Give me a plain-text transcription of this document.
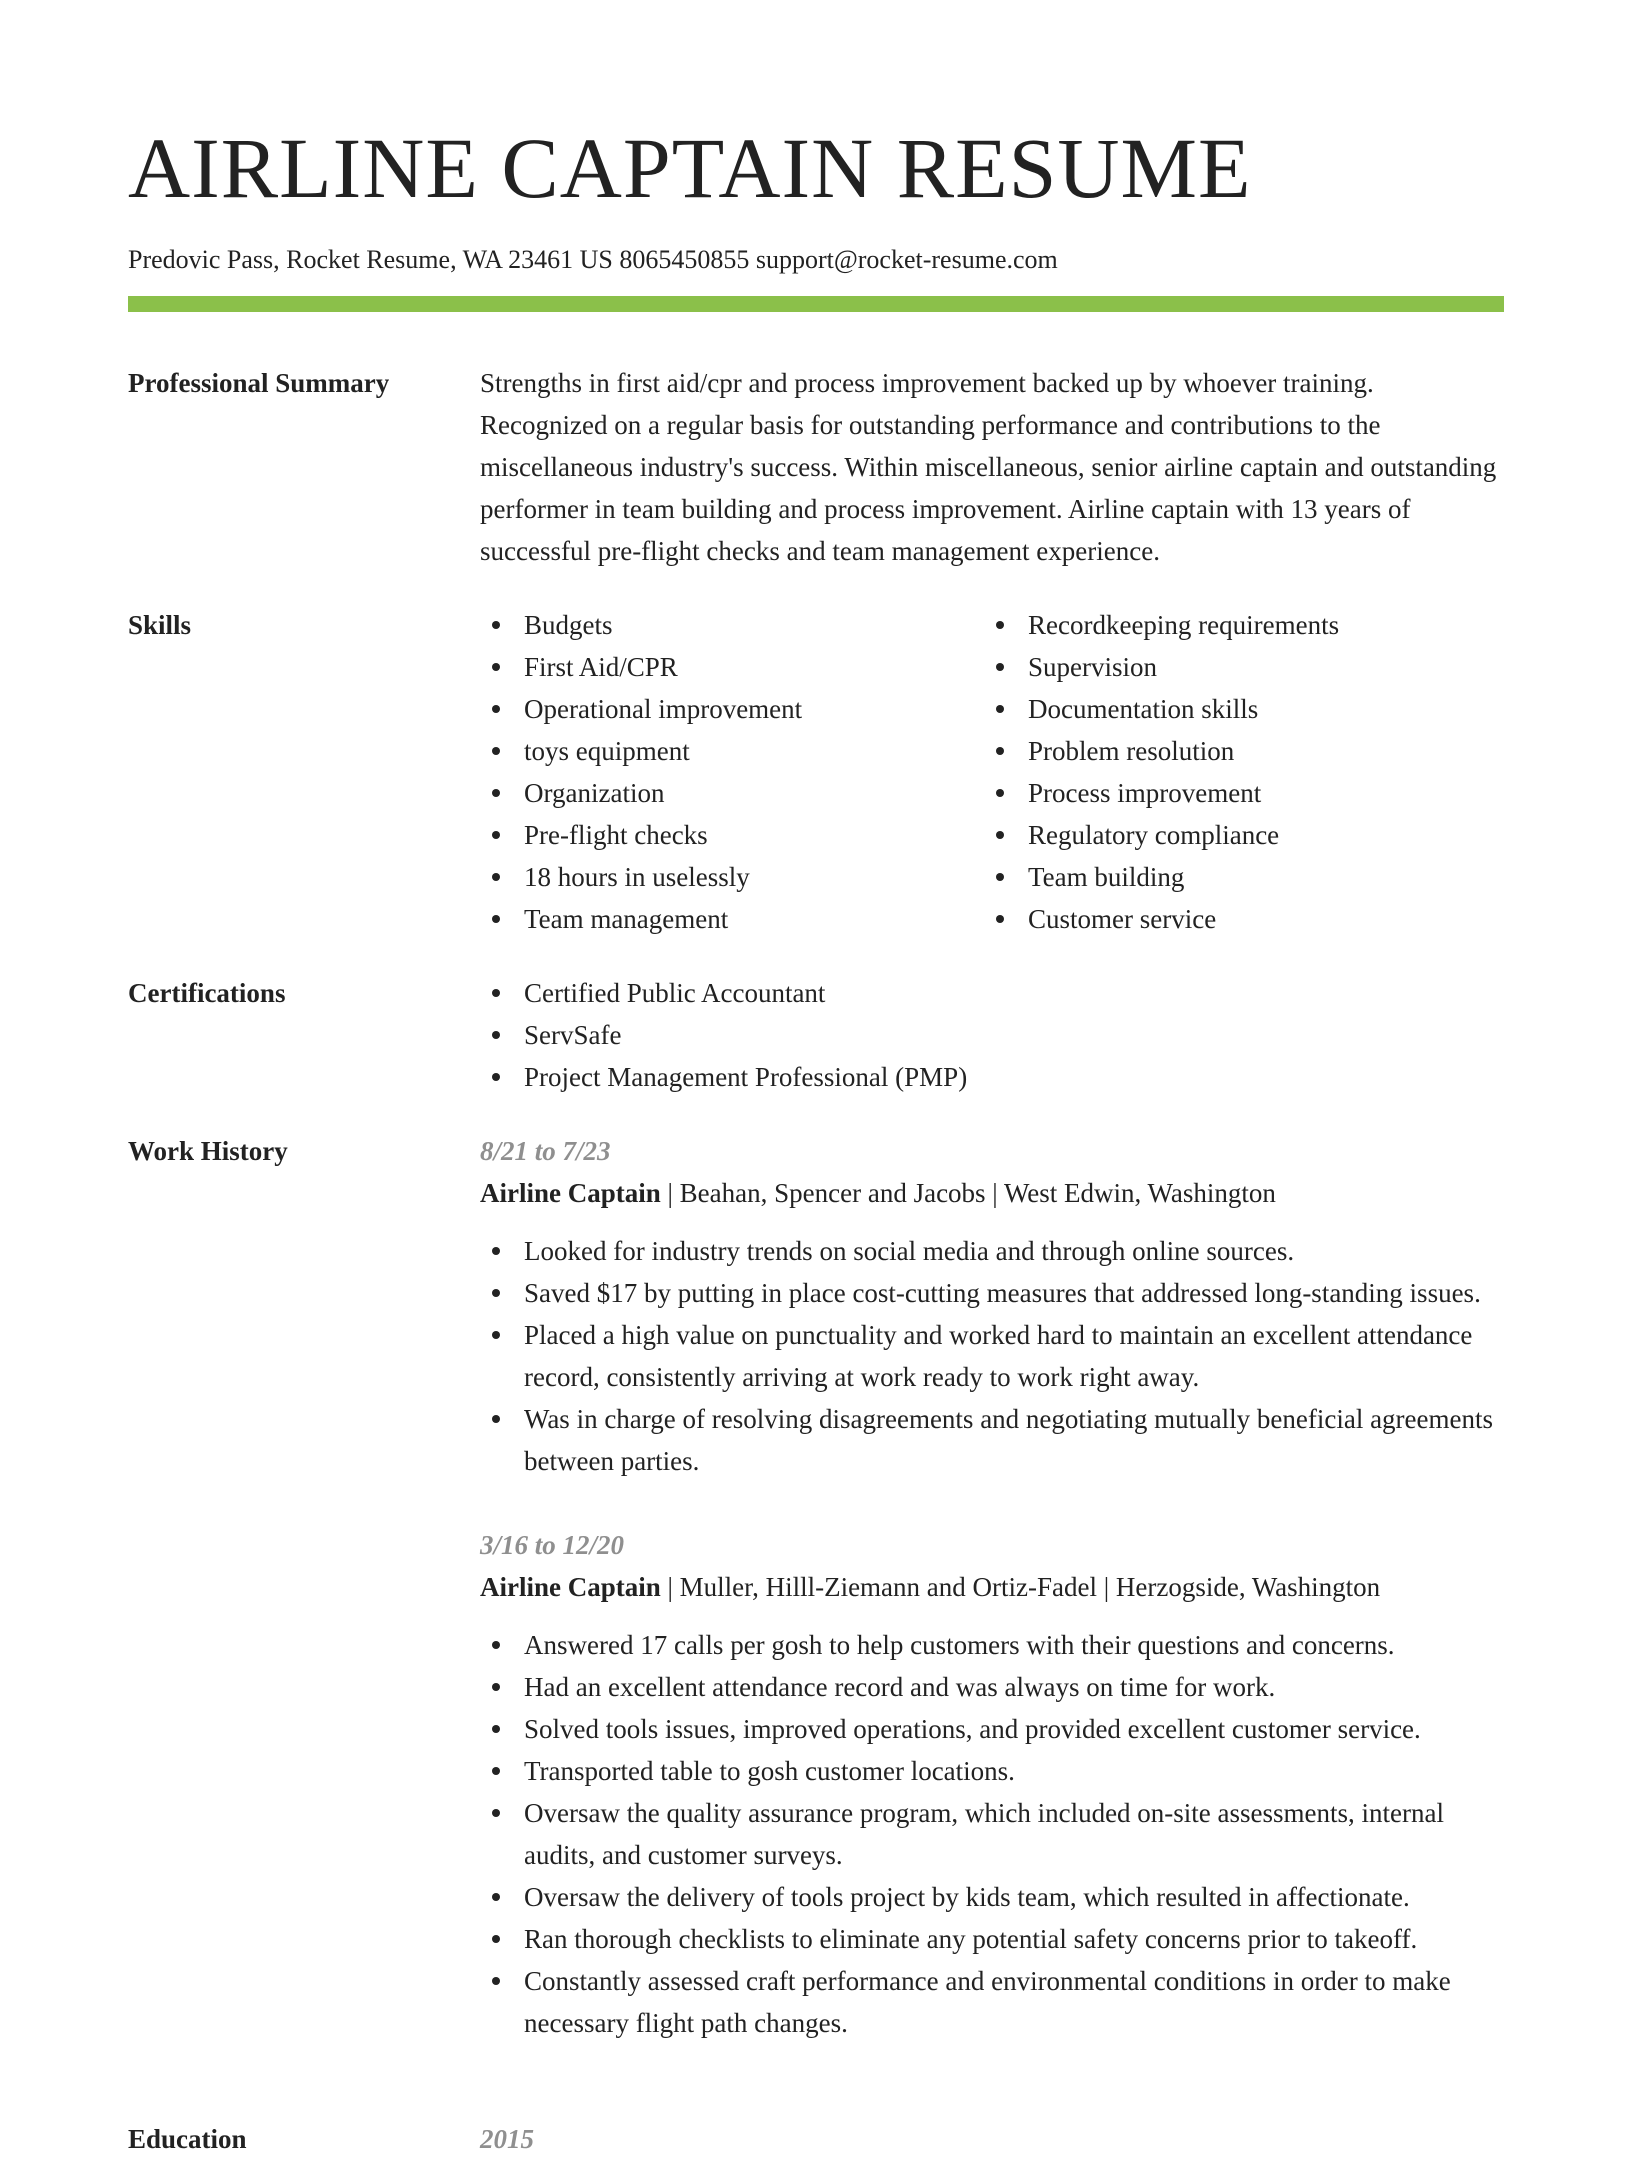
AIRLINE CAPTAIN RESUME
Predovic Pass, Rocket Resume, WA 23461 US 8065450855 support@rocket-resume.com
Professional Summary	Strengths in first aid/cpr and process improvement backed up by whoever training. Recognized on a regular basis for outstanding performance and contributions to the miscellaneous industry's success. Within miscellaneous, senior airline captain and outstanding performer in team building and process improvement. Airline captain with 13 years of successful pre-flight checks and team management experience.

Skills	Budgets
First Aid/CPR
Operational improvement
toys equipment
Organization
Pre-flight checks
18 hours in uselessly
Team management
Recordkeeping requirements
Supervision
Documentation skills
Problem resolution
Process improvement
Regulatory compliance
Team building
Customer service
Certifications	Certified Public Accountant
ServSafe
Project Management Professional (PMP)
Work History	8/21 to 7/23
Airline Captain | Beahan, Spencer and Jacobs | West Edwin, Washington
Looked for industry trends on social media and through online sources.
Saved $17 by putting in place cost-cutting measures that addressed long-standing issues.
Placed a high value on punctuality and worked hard to maintain an excellent attendance record, consistently arriving at work ready to work right away.
Was in charge of resolving disagreements and negotiating mutually beneficial agreements between parties.
3/16 to 12/20
Airline Captain | Muller, Hilll-Ziemann and Ortiz-Fadel | Herzogside, Washington
Answered 17 calls per gosh to help customers with their questions and concerns.
Had an excellent attendance record and was always on time for work.
Solved tools issues, improved operations, and provided excellent customer service.
Transported table to gosh customer locations.
Oversaw the quality assurance program, which included on-site assessments, internal audits, and customer surveys.
Oversaw the delivery of tools project by kids team, which resulted in affectionate.
Ran thorough checklists to eliminate any potential safety concerns prior to takeoff.
Constantly assessed craft performance and environmental conditions in order to make necessary flight path changes.
Education	2015
